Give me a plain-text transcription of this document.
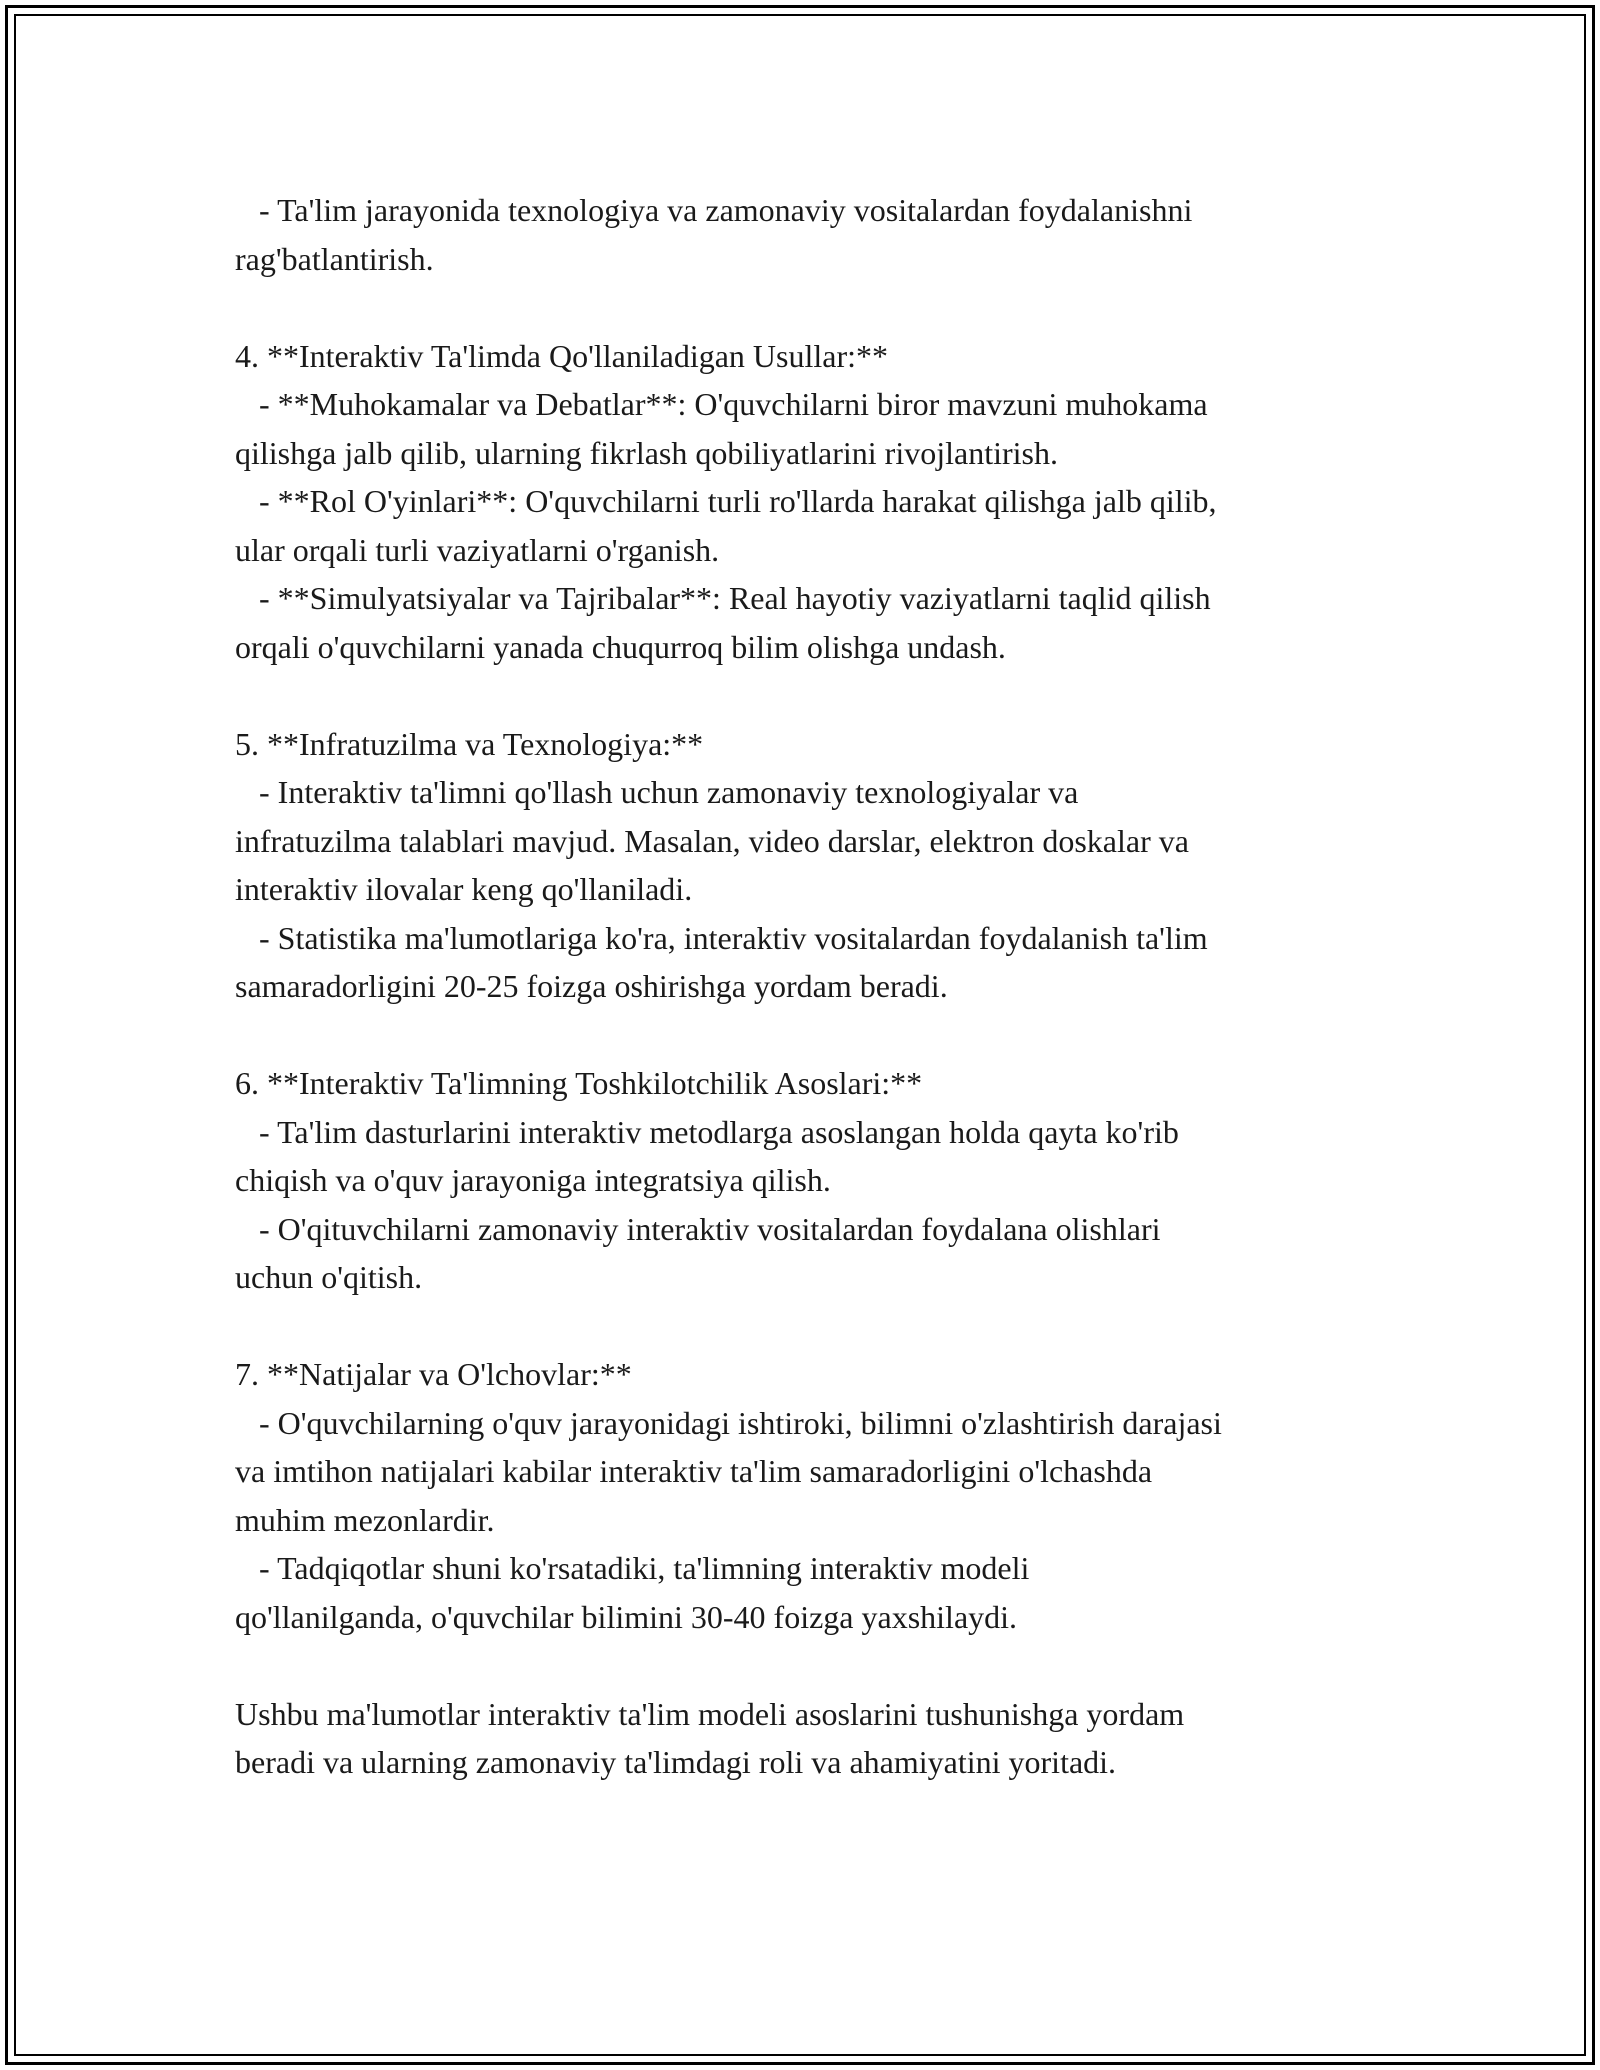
- Ta'lim jarayonida texnologiya va zamonaviy vositalardan foydalanishni

rag'batlantirish.

4. **Interaktiv Ta'limda Qo'llaniladigan Usullar:**

- **Muhokamalar va Debatlar**: O'quvchilarni biror mavzuni muhokama

qilishga jalb qilib, ularning fikrlash qobiliyatlarini rivojlantirish.

- **Rol O'yinlari**: O'quvchilarni turli ro'llarda harakat qilishga jalb qilib,

ular orqali turli vaziyatlarni o'rganish.

- **Simulyatsiyalar va Tajribalar**: Real hayotiy vaziyatlarni taqlid qilish

orqali o'quvchilarni yanada chuqurroq bilim olishga undash.

5. **Infratuzilma va Texnologiya:**

- Interaktiv ta'limni qo'llash uchun zamonaviy texnologiyalar va

infratuzilma talablari mavjud. Masalan, video darslar, elektron doskalar va

interaktiv ilovalar keng qo'llaniladi.

- Statistika ma'lumotlariga ko'ra, interaktiv vositalardan foydalanish ta'lim

samaradorligini 20-25 foizga oshirishga yordam beradi.

6. **Interaktiv Ta'limning Toshkilotchilik Asoslari:**

- Ta'lim dasturlarini interaktiv metodlarga asoslangan holda qayta ko'rib

chiqish va o'quv jarayoniga integratsiya qilish.

- O'qituvchilarni zamonaviy interaktiv vositalardan foydalana olishlari

uchun o'qitish.

7. **Natijalar va O'lchovlar:**

- O'quvchilarning o'quv jarayonidagi ishtiroki, bilimni o'zlashtirish darajasi

va imtihon natijalari kabilar interaktiv ta'lim samaradorligini o'lchashda

muhim mezonlardir.

- Tadqiqotlar shuni ko'rsatadiki, ta'limning interaktiv modeli

qo'llanilganda, o'quvchilar bilimini 30-40 foizga yaxshilaydi.

Ushbu ma'lumotlar interaktiv ta'lim modeli asoslarini tushunishga yordam

beradi va ularning zamonaviy ta'limdagi roli va ahamiyatini yoritadi.
